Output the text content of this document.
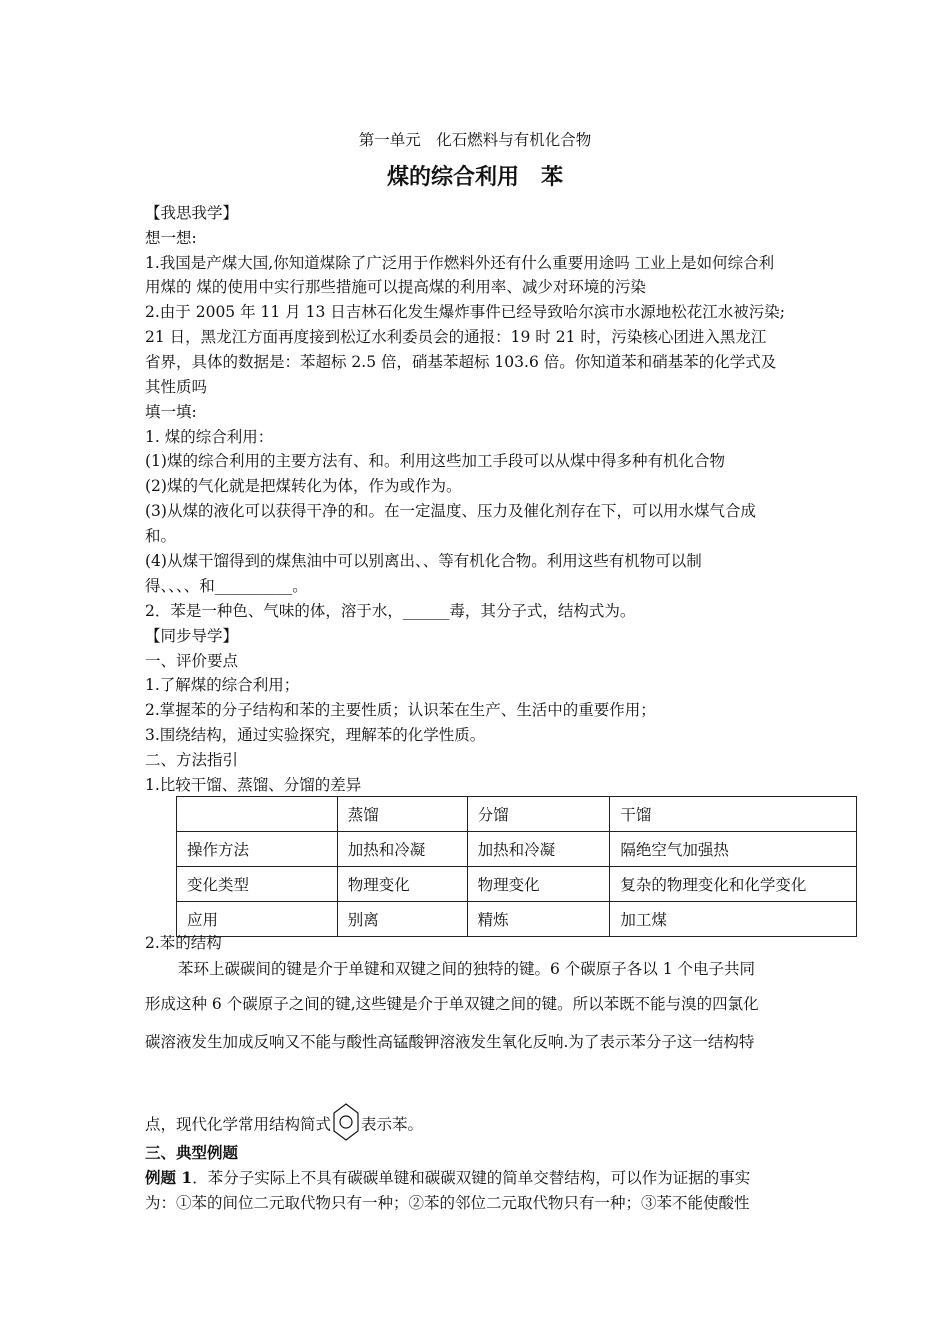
第一单元　化石燃料与有机化合物
煤的综合利用　苯
【我思我学】
想一想:
1.我国是产煤大国,你知道煤除了广泛用于作燃料外还有什么重要用途吗 工业上是如何综合利
用煤的 煤的使用中实行那些措施可以提高煤的利用率、减少对环境的污染
2.由于 2005 年 11 月 13 日吉林石化发生爆炸事件已经导致哈尔滨市水源地松花江水被污染;
21 日，黑龙江方面再度接到松辽水利委员会的通报：19 时 21 时，污染核心团进入黑龙江
省界，具体的数据是：苯超标 2.5 倍，硝基苯超标 103.6 倍。你知道苯和硝基苯的化学式及
其性质吗
填一填:
1. 煤的综合利用：
(1)煤的综合利用的主要方法有、和。利用这些加工手段可以从煤中得多种有机化合物
(2)煤的气化就是把煤转化为体，作为或作为。
(3)从煤的液化可以获得干净的和。在一定温度、压力及催化剂存在下，可以用水煤气合成
和。
(4)从煤干馏得到的煤焦油中可以别离出、、等有机化合物。利用这些有机物可以制
得、、、、和__________。
2．苯是一种色、气味的体，溶于水，______毒，其分子式，结构式为。
【同步导学】
一、评价要点
1.了解煤的综合利用；
2.掌握苯的分子结构和苯的主要性质；认识苯在生产、生活中的重要作用；
3.围绕结构，通过实验探究，理解苯的化学性质。
二、方法指引
1.比较干馏、蒸馏、分馏的差异
	蒸馏	分馏	干馏
操作方法	加热和冷凝	加热和冷凝	隔绝空气加强热
变化类型	物理变化	物理变化	复杂的物理变化和化学变化
应用	别离	精炼	加工煤
2.苯的结构
苯环上碳碳间的键是介于单键和双键之间的独特的键。6 个碳原子各以 1 个电子共同
形成这种 6 个碳原子之间的键,这些键是介于单双键之间的键。所以苯既不能与溴的四氯化
碳溶液发生加成反响又不能与酸性高锰酸钾溶液发生氧化反响.为了表示苯分子这一结构特
点，现代化学常用结构简式 表示苯。
三、典型例题
例题 1．苯分子实际上不具有碳碳单键和碳碳双键的简单交替结构，可以作为证据的事实
为：①苯的间位二元取代物只有一种；②苯的邻位二元取代物只有一种；③苯不能使酸性
